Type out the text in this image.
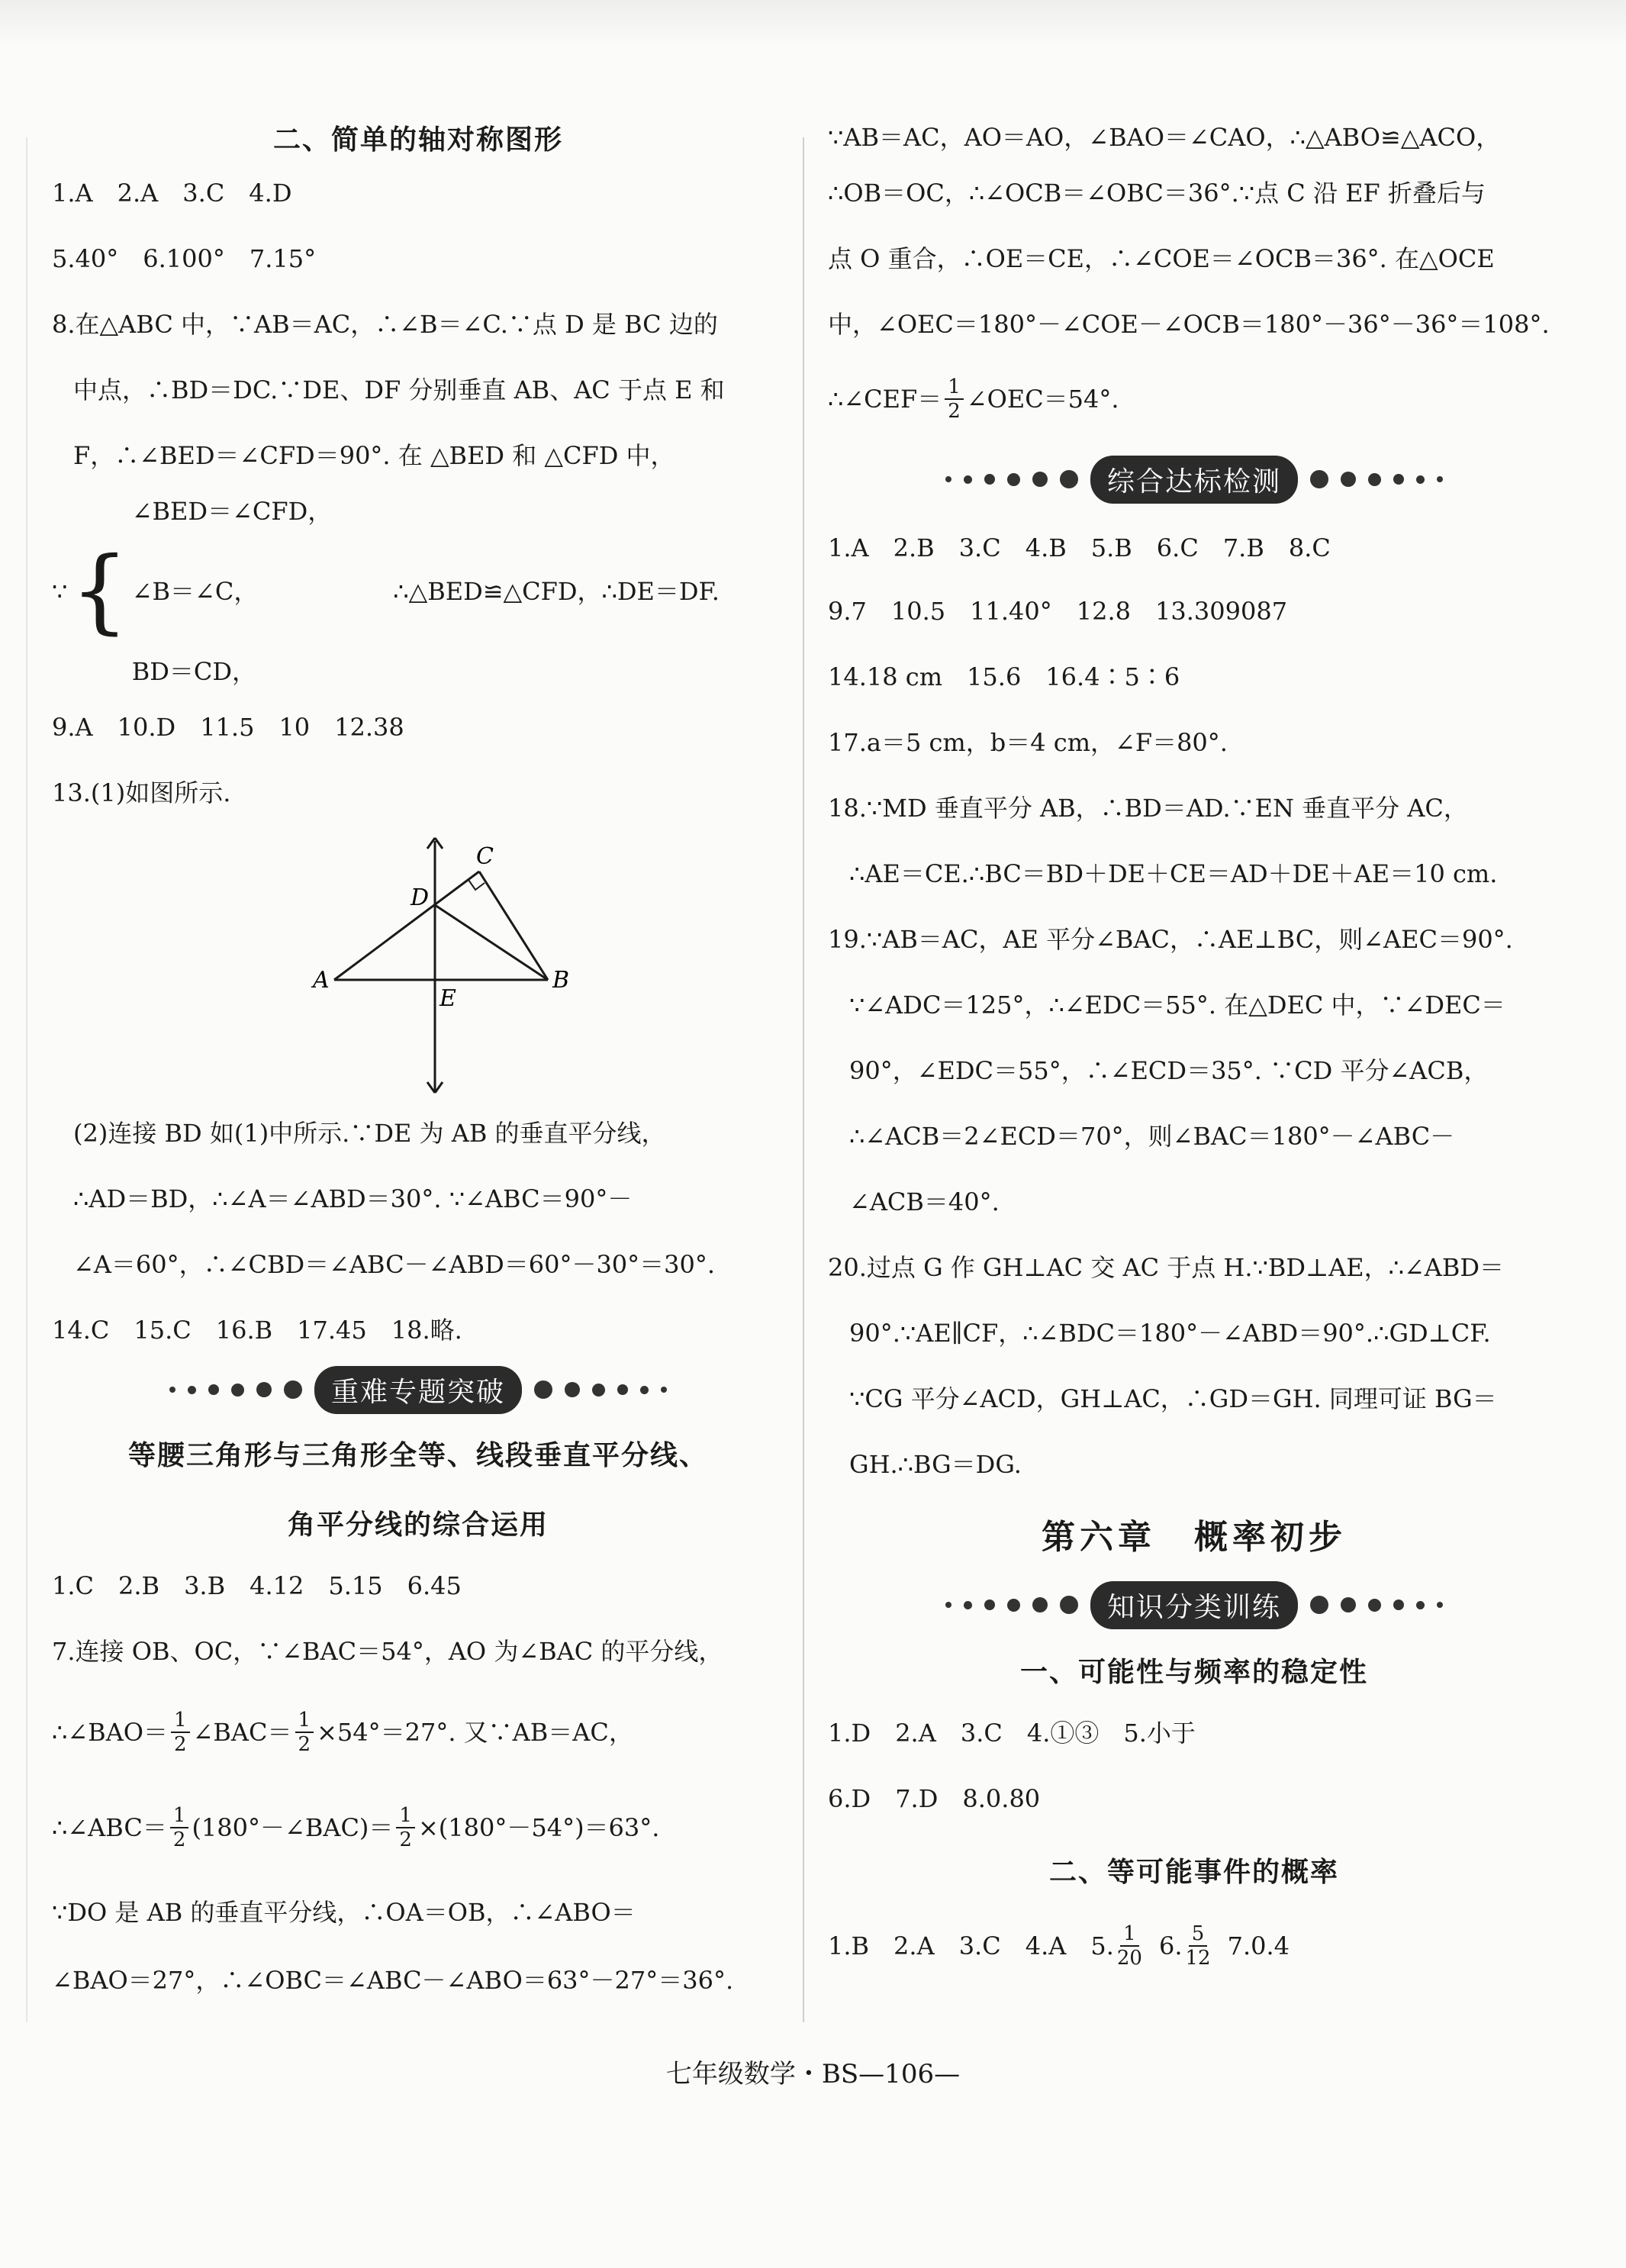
二、简单的轴对称图形

1.A　2.A　3.C　4.D

5.40°　6.100°　7.15°

8.在△ABC 中，∵AB＝AC，∴∠B＝∠C.∵点 D 是 BC 边的

中点，∴BD＝DC.∵DE、DF 分别垂直 AB、AC 于点 E 和

F，∴∠BED＝∠CFD＝90°. 在 △BED 和 △CFD 中，

∵ {
∠BED＝∠CFD，
∠B＝∠C，
BD＝CD，
∴△BED≌△CFD，∴DE＝DF.

9.A　10.D　11.5　10　12.38

13.(1)如图所示.

A	B
C
D
E

(2)连接 BD 如(1)中所示.∵DE 为 AB 的垂直平分线，

∴AD＝BD，∴∠A＝∠ABD＝30°. ∵∠ABC＝90°－

∠A＝60°，∴∠CBD＝∠ABC－∠ABD＝60°－30°＝30°.

14.C　15.C　16.B　17.45　18.略.

重难专题突破
等腰三角形与三角形全等、线段垂直平分线、
角平分线的综合运用

1.C　2.B　3.B　4.12　5.15　6.45

7.连接 OB、OC，∵∠BAC＝54°，AO 为∠BAC 的平分线，

∴∠BAO＝ $\frac{1}{2}$ ∠BAC＝ $\frac{1}{2} \times 54^\circ=27^\circ$. 又∵AB＝AC，
∴∠ABC＝ $\frac{1}{2}$ (180°－∠BAC)＝ $\frac{1}{2} \times(180^\circ-54^\circ)=63^\circ$.

∵DO 是 AB 的垂直平分线，∴OA＝OB，∴∠ABO＝

∠BAO＝27°，∴∠OBC＝∠ABC－∠ABO＝63°－27°＝36°.

∵AB＝AC，AO＝AO，∠BAO＝∠CAO，∴△ABO≌△ACO，

∴OB＝OC，∴∠OCB＝∠OBC＝36°.∵点 C 沿 EF 折叠后与

点 O 重合，∴OE＝CE，∴∠COE＝∠OCB＝36°. 在△OCE

中，∠OEC＝180°－∠COE－∠OCB＝180°－36°－36°＝108°.

∴∠CEF＝ $\frac{1}{2}$ ∠OEC＝54°.
综合达标检测

1.A　2.B　3.C　4.B　5.B　6.C　7.B　8.C

9.7　10.5　11.40°　12.8　13.309087

14.18 cm　15.6　16.4∶5∶6

17.a＝5 cm，b＝4 cm，∠F＝80°.

18.∵MD 垂直平分 AB，∴BD＝AD.∵EN 垂直平分 AC，

∴AE＝CE.∴BC＝BD＋DE＋CE＝AD＋DE＋AE＝10 cm.

19.∵AB＝AC，AE 平分∠BAC，∴AE⊥BC，则∠AEC＝90°.

∵∠ADC＝125°，∴∠EDC＝55°. 在△DEC 中，∵∠DEC＝

90°，∠EDC＝55°，∴∠ECD＝35°. ∵CD 平分∠ACB，

∴∠ACB＝2∠ECD＝70°，则∠BAC＝180°－∠ABC－

∠ACB＝40°.

20.过点 G 作 GH⊥AC 交 AC 于点 H.∵BD⊥AE，∴∠ABD＝

90°.∵AE∥CF，∴∠BDC＝180°－∠ABD＝90°.∴GD⊥CF.

∵CG 平分∠ACD，GH⊥AC，∴GD＝GH. 同理可证 BG＝

GH.∴BG＝DG.

第六章　概率初步
知识分类训练
一、可能性与频率的稳定性

1.D　2.A　3.C　4.①③　5.小于

6.D　7.D　8.0.80

二、等可能事件的概率
1.B　2.A　3.C　4.A　5. $\frac{1}{20} 6$. $\frac{5}{12} 7.0.4$
七年级数学・BS—106—
